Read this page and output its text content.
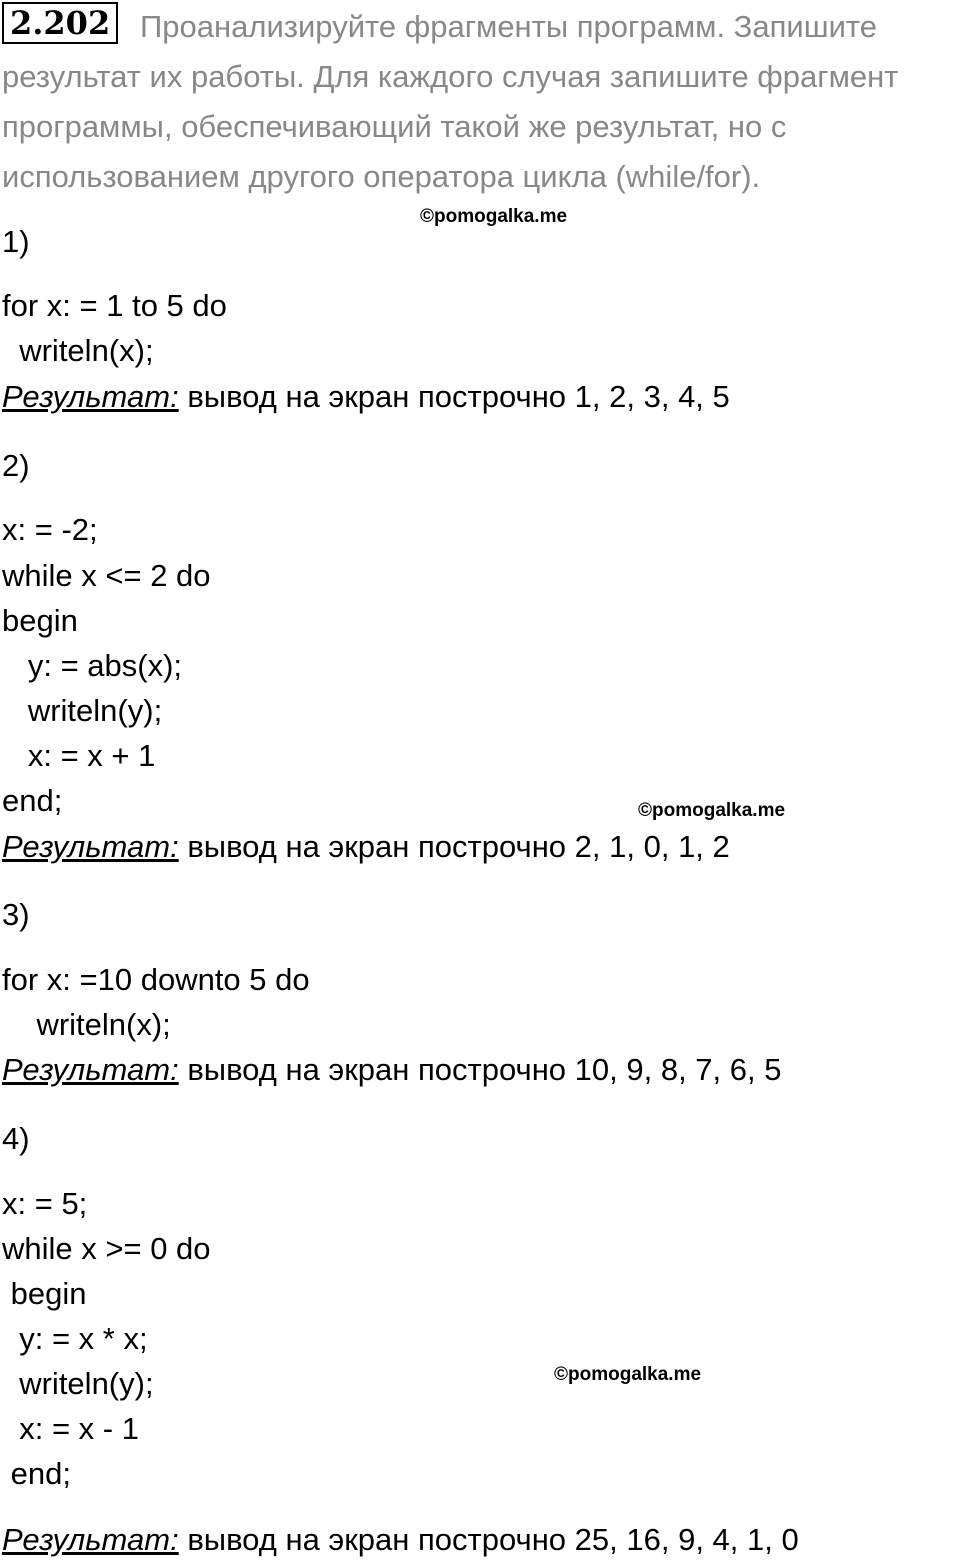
Проанализируйте фрагменты программ. Запишите результат их работы. Для каждого случая запишите фрагмент программы, обеспечивающий такой же результат, но с использованием другого оператора цикла (while/for).
2.202
©pomogalka.me
©pomogalka.me
©pomogalka.me
1)
for x: = 1 to 5 do
writeln(x);
Результат: вывод на экран построчно 1, 2, 3, 4, 5
2)
x: = -2;
while x <= 2 do
begin
y: = abs(x);
writeln(y);
x: = x + 1
end;
Результат: вывод на экран построчно 2, 1, 0, 1, 2
3)
for x: =10 downto 5 do
writeln(x);
Результат: вывод на экран построчно 10, 9, 8, 7, 6, 5
4)
x: = 5;
while x >= 0 do
begin
y: = x * x;
writeln(y);
x: = x - 1
end;
Результат: вывод на экран построчно 25, 16, 9, 4, 1, 0
